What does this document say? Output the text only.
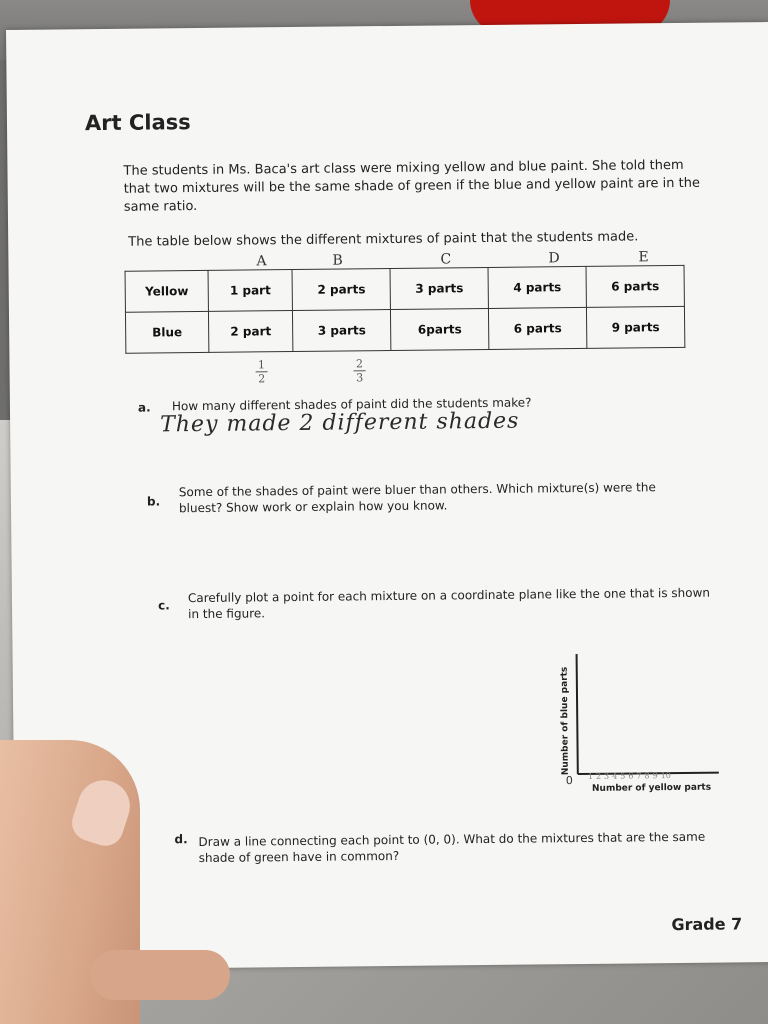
Art Class
The students in Ms. Baca's art class were mixing yellow and blue paint. She told them that two mixtures will be the same shade of green if the blue and yellow paint are in the same ratio.
The table below shows the different mixtures of paint that the students made.
A	B	C	D	E
Yellow	1 part	2 parts	3 parts	4 parts	6 parts
Blue	2 part	3 parts	6parts	6 parts	9 parts
1
2
2
3
a. How many different shades of paint did the students make?
They made 2 different shades
b.
Some of the shades of paint were bluer than others. Which mixture(s) were the bluest? Show work or explain how you know.
c.
Carefully plot a point for each mixture on a coordinate plane like the one that is shown in the figure.
Number of blue parts
0 1 2 3 4 5 6 7 8 9 10
Number of yellow parts
d. Draw a line connecting each point to (0, 0). What do the mixtures that are the same shade of green have in common?
Grade 7
